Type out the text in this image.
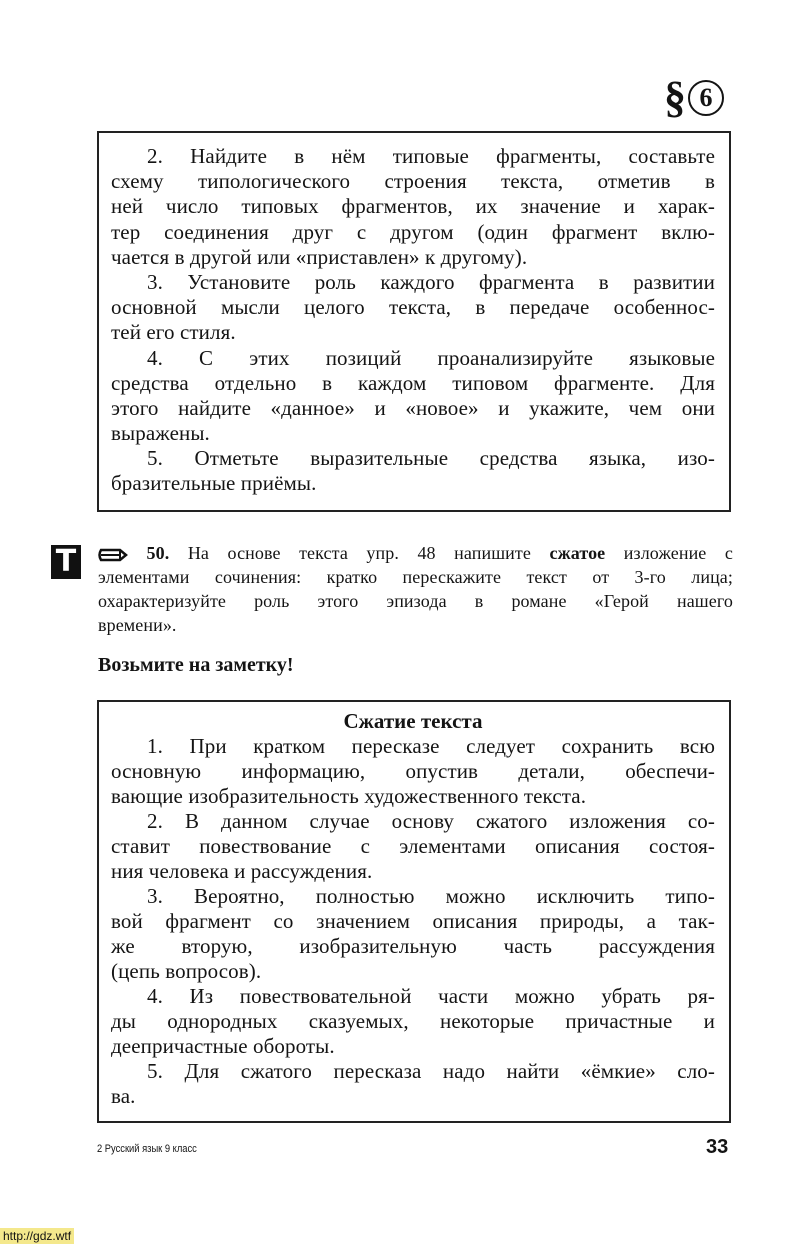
§ 6
2. Найдите в нём типовые фрагменты, составьте
схему типологического строения текста, отметив в
ней число типовых фрагментов, их значение и харак-
тер соединения друг с другом (один фрагмент вклю-
чается в другой или «приставлен» к другому).
3. Установите роль каждого фрагмента в развитии
основной мысли целого текста, в передаче особеннос-
тей его стиля.
4. С этих позиций проанализируйте языковые
средства отдельно в каждом типовом фрагменте. Для
этого найдите «данное» и «новое» и укажите, чем они
выражены.
5. Отметьте выразительные средства языка, изо-
бразительные приёмы.
Т	50. На основе текста упр. 48 напишите сжатое изложение с
элементами сочинения: кратко перескажите текст от 3-го лица;
охарактеризуйте роль этого эпизода в романе «Герой нашего
времени».
Возьмите на заметку!
Сжатие текста
1. При кратком пересказе следует сохранить всю
основную информацию, опустив детали, обеспечи-
вающие изобразительность художественного текста.
2. В данном случае основу сжатого изложения со-
ставит повествование с элементами описания состоя-
ния человека и рассуждения.
3. Вероятно, полностью можно исключить типо-
вой фрагмент со значением описания природы, а так-
же вторую, изобразительную часть рассуждения
(цепь вопросов).
4. Из повествовательной части можно убрать ря-
ды однородных сказуемых, некоторые причастные и
деепричастные обороты.
5. Для сжатого пересказа надо найти «ёмкие» сло-
ва.
2 Русский язык 9 класс	33
http://gdz.wtf
